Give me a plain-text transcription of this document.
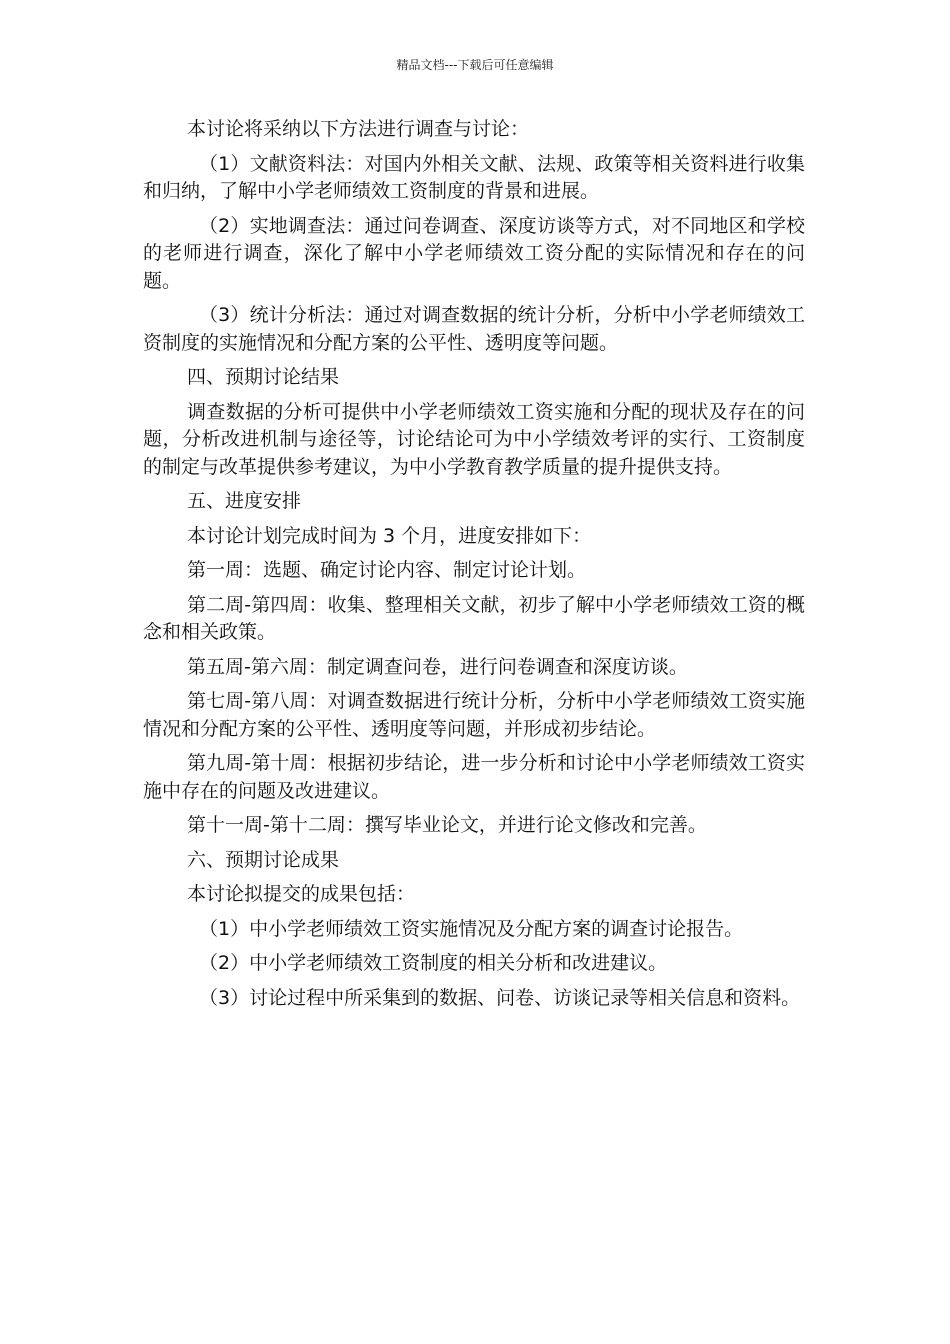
精品文档---下载后可任意编辑

本讨论将采纳以下方法进行调查与讨论：

（1）文献资料法：对国内外相关文献、法规、政策等相关资料进行收集和归纳，了解中小学老师绩效工资制度的背景和进展。

（2）实地调查法：通过问卷调查、深度访谈等方式，对不同地区和学校的老师进行调查，深化了解中小学老师绩效工资分配的实际情况和存在的问题。

（3）统计分析法：通过对调查数据的统计分析，分析中小学老师绩效工资制度的实施情况和分配方案的公平性、透明度等问题。

四、预期讨论结果

调查数据的分析可提供中小学老师绩效工资实施和分配的现状及存在的问题，分析改进机制与途径等，讨论结论可为中小学绩效考评的实行、工资制度的制定与改革提供参考建议，为中小学教育教学质量的提升提供支持。

五、进度安排

本讨论计划完成时间为 3 个月，进度安排如下：

第一周：选题、确定讨论内容、制定讨论计划。

第二周-第四周：收集、整理相关文献，初步了解中小学老师绩效工资的概念和相关政策。

第五周-第六周：制定调查问卷，进行问卷调查和深度访谈。

第七周-第八周：对调查数据进行统计分析，分析中小学老师绩效工资实施情况和分配方案的公平性、透明度等问题，并形成初步结论。

第九周-第十周：根据初步结论，进一步分析和讨论中小学老师绩效工资实施中存在的问题及改进建议。

第十一周-第十二周：撰写毕业论文，并进行论文修改和完善。

六、预期讨论成果

本讨论拟提交的成果包括：

（1）中小学老师绩效工资实施情况及分配方案的调查讨论报告。

（2）中小学老师绩效工资制度的相关分析和改进建议。

（3）讨论过程中所采集到的数据、问卷、访谈记录等相关信息和资料。
